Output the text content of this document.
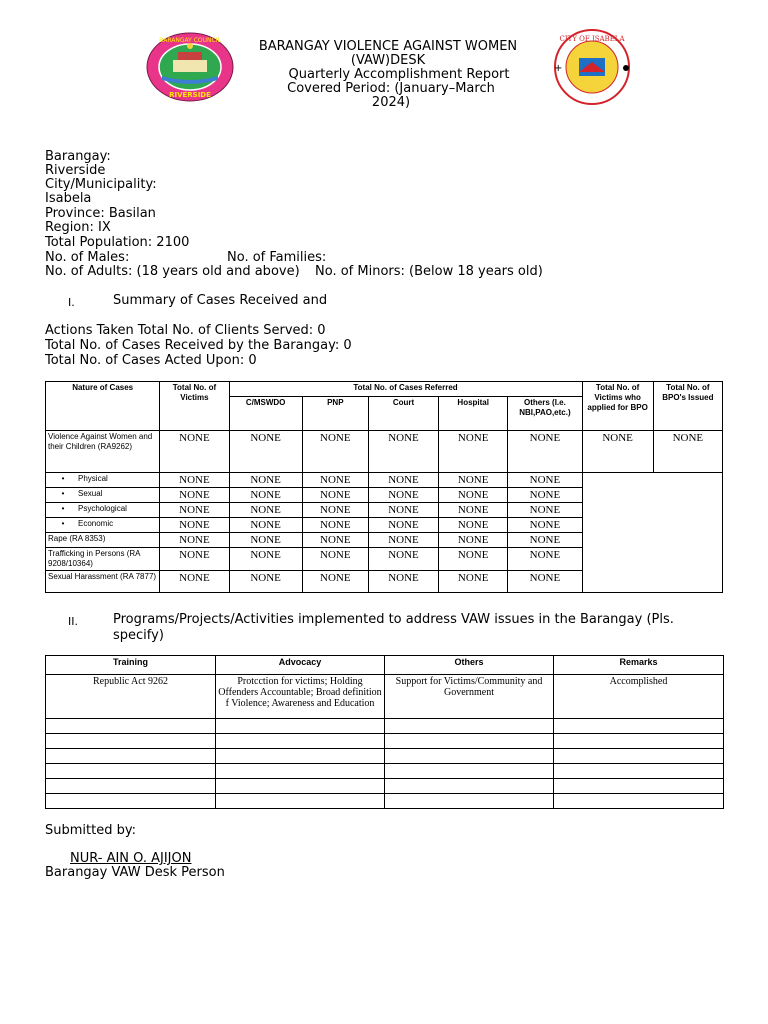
BARANGAY COUNCIL
RIVERSIDE
CITY OF ISABELA
+
BARANGAY VIOLENCE AGAINST WOMEN
(VAW)DESK
Quarterly Accomplishment Report
Covered Period: (January–March
2024)
Barangay:
Riverside
City/Municipality:
Isabela
Province: Basilan
Region: IX
Total Population: 2100
No. of Males:	No. of Families:
No. of Adults: (18 years old and above) No. of Minors: (Below 18 years old)
I.	Summary of Cases Received and
Actions Taken Total No. of Clients Served: 0
Total No. of Cases Received by the Barangay: 0
Total No. of Cases Acted Upon: 0
Nature of Cases	Total No. of Victims	Total No. of Cases Referred					Total No. of Victims who applied for BPO	Total No. of BPO's Issued
		C/MSWDO	PNP	Court	Hospital	Others (I.e. NBI,PAO,etc.)		
Violence Against Women and their Children (RA9262)	NONE	NONE	NONE	NONE	NONE	NONE	NONE	NONE
• Physical	NONE	NONE	NONE	NONE	NONE	NONE		
• Sexual	NONE	NONE	NONE	NONE	NONE	NONE		
• Psychological	NONE	NONE	NONE	NONE	NONE	NONE		
• Economic	NONE	NONE	NONE	NONE	NONE	NONE		
Rape (RA 8353)	NONE	NONE	NONE	NONE	NONE	NONE		
Trafficking in Persons (RA 9208/10364)	NONE	NONE	NONE	NONE	NONE	NONE		
Sexual Harassment (RA 7877)	NONE	NONE	NONE	NONE	NONE	NONE		
II.	Programs/Projects/Activities implemented to address VAW issues in the Barangay (Pls. specify)
Training	Advocacy	Others	Remarks
Republic Act 9262	Protcction for victims; Holding Offenders Accountable; Broad definition f Violence; Awareness and Education	Support for Victims/Community and Government	Accomplished

Submitted by:
NUR- AIN O. AJIJON
Barangay VAW Desk Person
